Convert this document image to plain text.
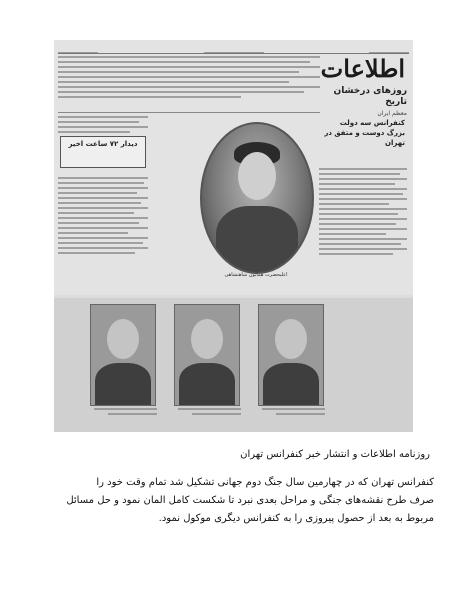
اطلاعات
روزهای درخشان تاریخ
معظم ایران
دیدار ۷۲ ساعت اخیر
کنفرانس سه دولت بزرگ دوست و متفق در تهران
اعلیحضرت همایون شاهنشاهی
روزنامه اطلاعات و انتشار خبر کنفرانس تهران

کنفرانس تهران که در چهارمین سال جنگ دوم جهانی تشکیل شد تمام وقت خود را

صرف طرح نقشه‌های جنگی و مراحل بعدی نبرد تا شکست کامل المان نمود و حل مسائل

مربوط به بعد از حصول پیروزی را به کنفرانس دیگری موکول نمود.
